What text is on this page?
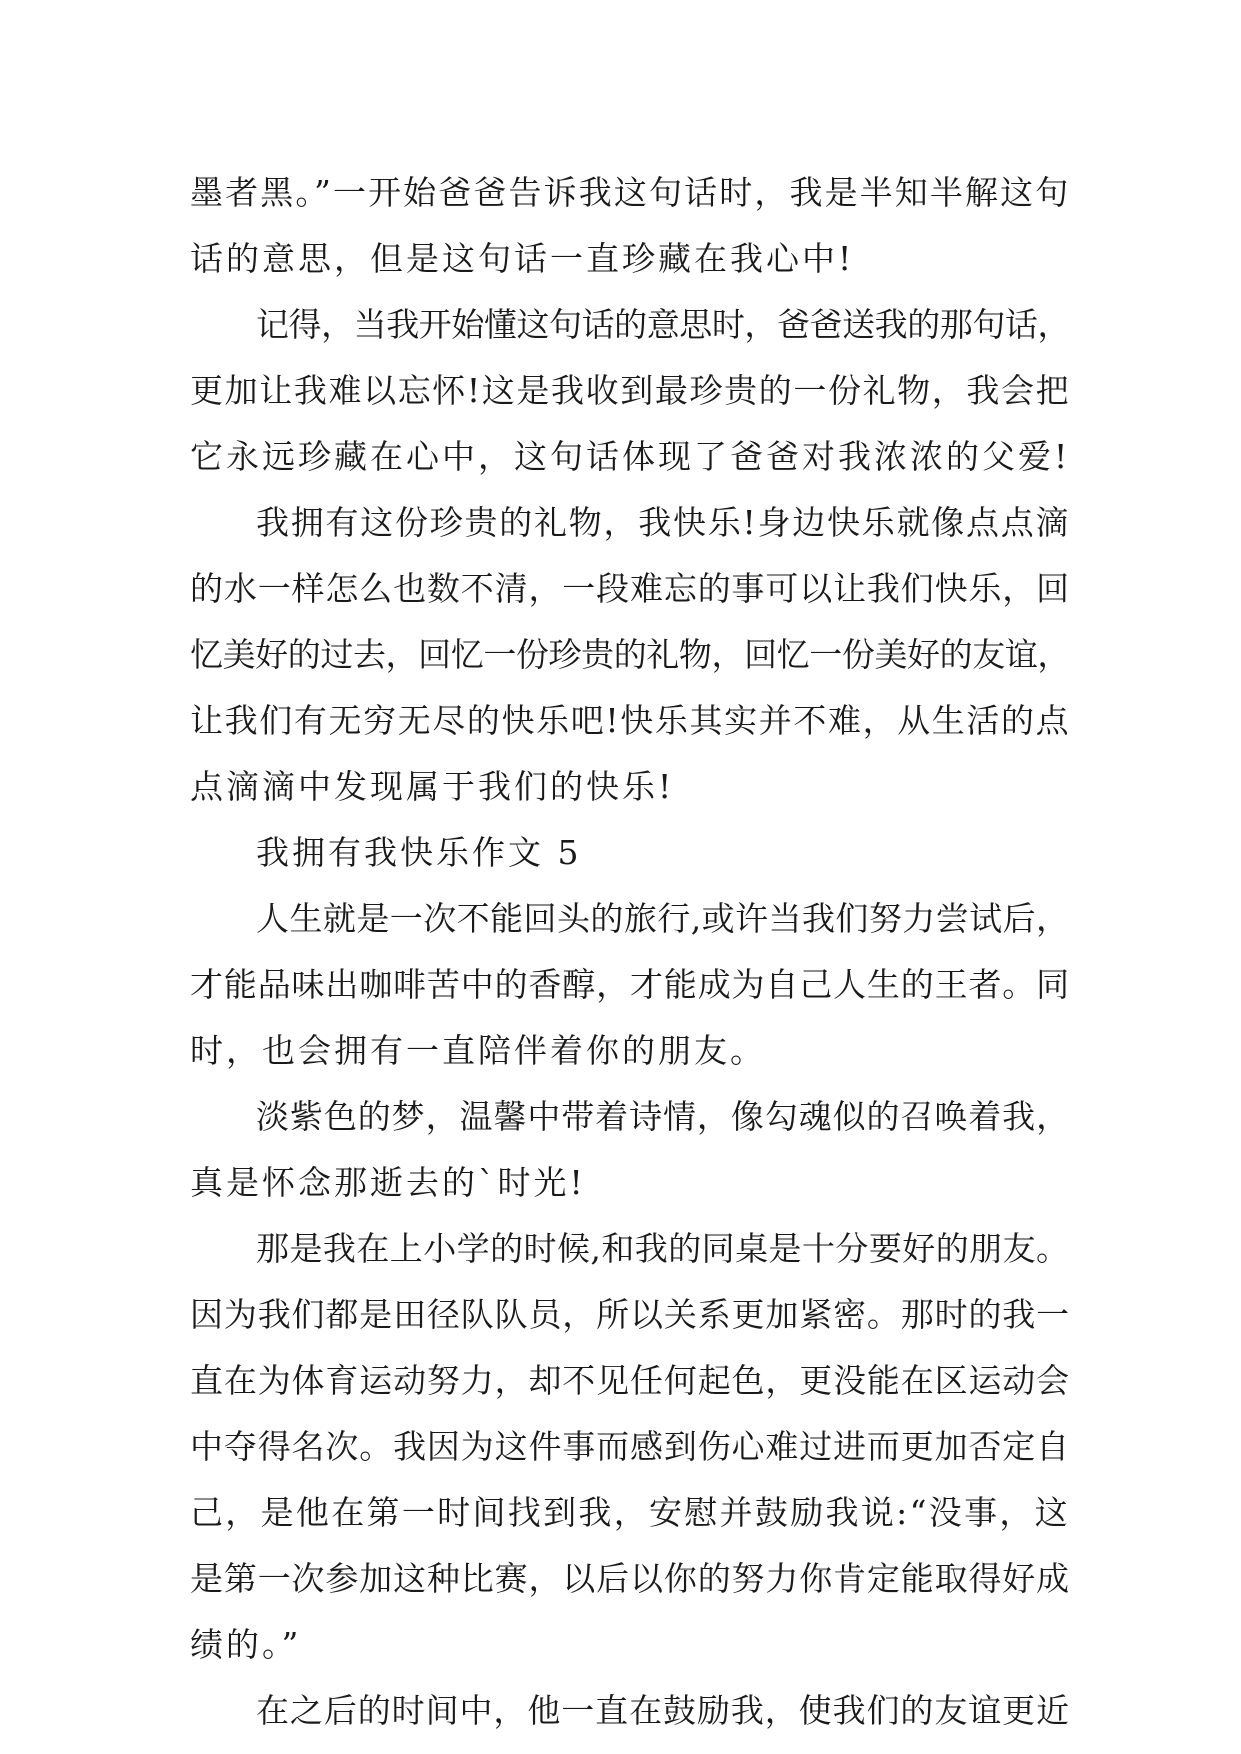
墨者黑。”一开始爸爸告诉我这句话时，我是半知半解这句
话的意思，但是这句话一直珍藏在我心中!
记得，当我开始懂这句话的意思时，爸爸送我的那句话，
更加让我难以忘怀!这是我收到最珍贵的一份礼物，我会把
它永远珍藏在心中，这句话体现了爸爸对我浓浓的父爱!
我拥有这份珍贵的礼物，我快乐!身边快乐就像点点滴
的水一样怎么也数不清，一段难忘的事可以让我们快乐，回
忆美好的过去，回忆一份珍贵的礼物，回忆一份美好的友谊，
让我们有无穷无尽的快乐吧!快乐其实并不难，从生活的点
点滴滴中发现属于我们的快乐!
我拥有我快乐作文 5
人生就是一次不能回头的旅行,或许当我们努力尝试后，
才能品味出咖啡苦中的香醇，才能成为自己人生的王者。同
时，也会拥有一直陪伴着你的朋友。
淡紫色的梦，温馨中带着诗情，像勾魂似的召唤着我，
真是怀念那逝去的`时光!
那是我在上小学的时候,和我的同桌是十分要好的朋友。
因为我们都是田径队队员，所以关系更加紧密。那时的我一
直在为体育运动努力，却不见任何起色，更没能在区运动会
中夺得名次。我因为这件事而感到伤心难过进而更加否定自
己，是他在第一时间找到我，安慰并鼓励我说:“没事，这
是第一次参加这种比赛，以后以你的努力你肯定能取得好成
绩的。”
在之后的时间中，他一直在鼓励我，使我们的友谊更近
